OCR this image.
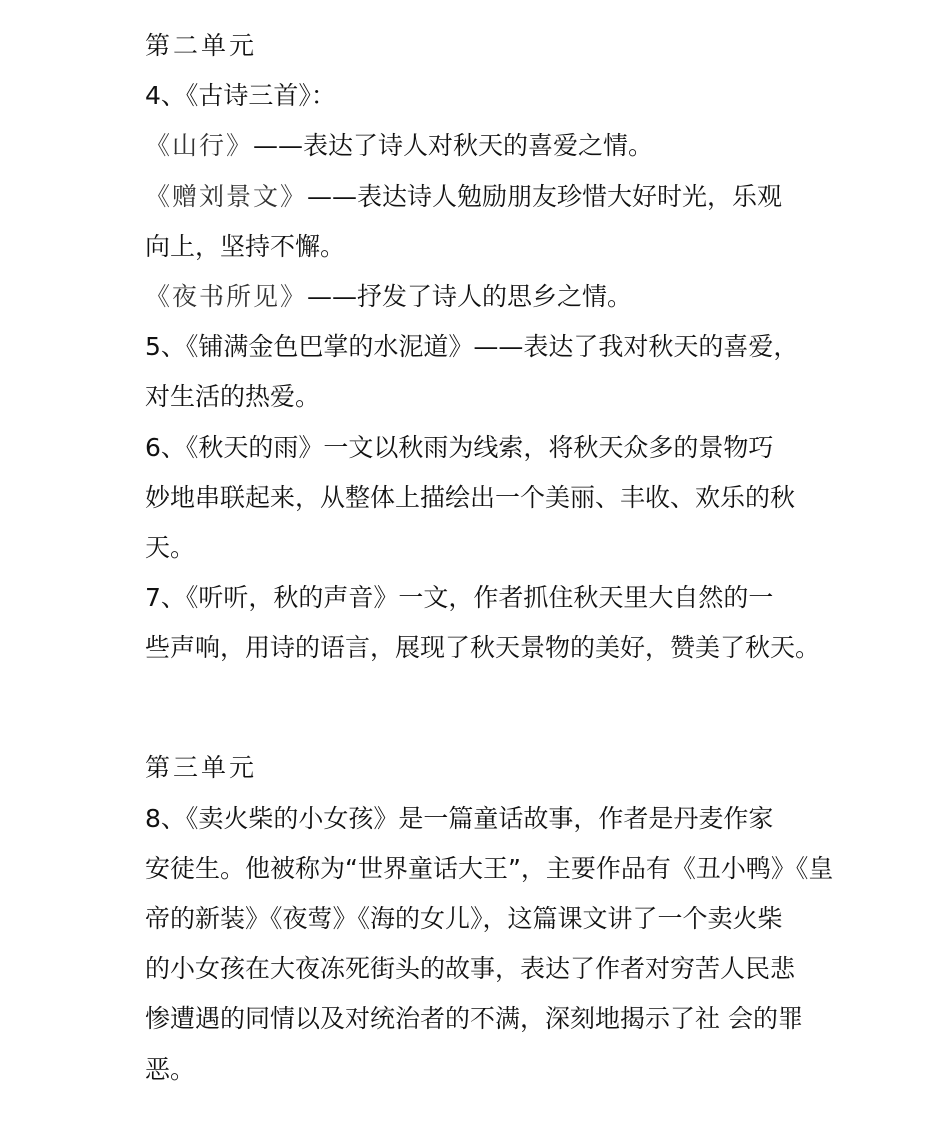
第二单元
4、《古诗三首》：
《山行》——表达了诗人对秋天的喜爱之情。
《赠刘景文》——表达诗人勉励朋友珍惜大好时光，乐观
向上，坚持不懈。
《夜书所见》——抒发了诗人的思乡之情。
5、《铺满金色巴掌的水泥道》——表达了我对秋天的喜爱，
对生活的热爱。
6、《秋天的雨》一文以秋雨为线索，将秋天众多的景物巧
妙地串联起来，从整体上描绘出一个美丽、丰收、欢乐的秋
天。
7、《听听，秋的声音》一文，作者抓住秋天里大自然的一
些声响，用诗的语言，展现了秋天景物的美好，赞美了秋天。
第三单元
8、《卖火柴的小女孩》是一篇童话故事，作者是丹麦作家
安徒生。他被称为“世界童话大王”，主要作品有《丑小鸭》《皇
帝的新装》《夜莺》《海的女儿》，这篇课文讲了一个卖火柴
的小女孩在大夜冻死街头的故事，表达了作者对穷苦人民悲
惨遭遇的同情以及对统治者的不满，深刻地揭示了社 会的罪
恶。
